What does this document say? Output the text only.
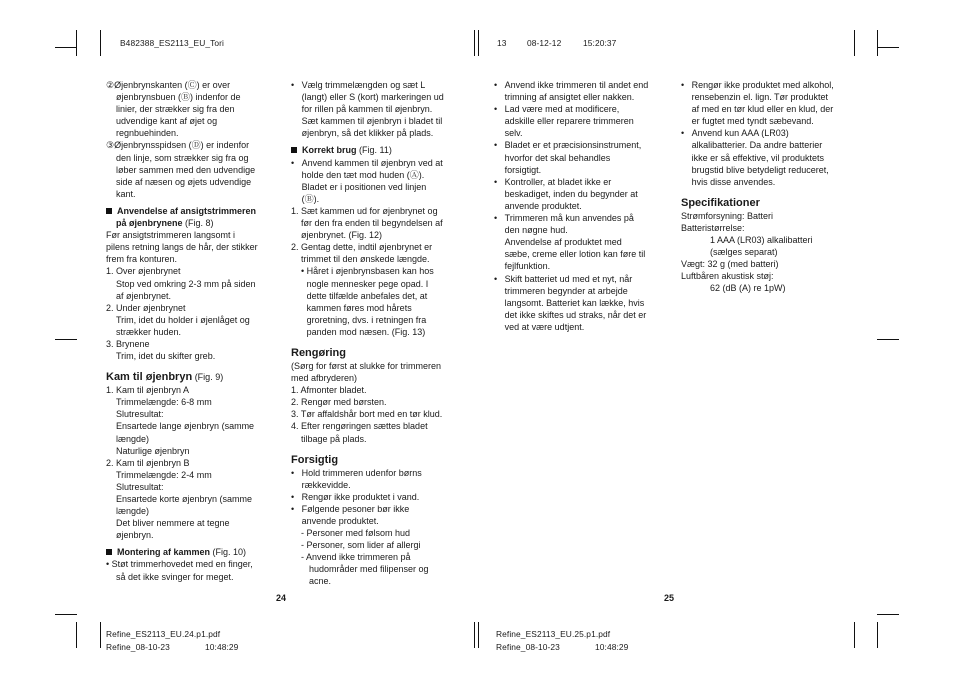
B482388_ES2113_EU_Tori	13 08-12-12	15:20:37
②Øjenbrynskanten (Ⓒ) er over
øjenbrynsbuen (Ⓑ) indenfor de
linier, der strækker sig fra den
udvendige kant af øjet og
regnbuehinden.
③Øjenbrynsspidsen (Ⓓ) er indenfor
den linje, som strækker sig fra og
løber sammen med den udvendige
side af næsen og øjets udvendige
kant.
Anvendelse af ansigtstrimmeren
på øjenbrynene (Fig. 8)
Før ansigtstrimmeren langsomt i
pilens retning langs de hår, der stikker
frem fra konturen.
1. Over øjenbrynet
Stop ved omkring 2-3 mm på siden
af øjenbrynet.
2. Under øjenbrynet
Trim, idet du holder i øjenlåget og
strækker huden.
3. Brynene
Trim, idet du skifter greb.
Kam til øjenbryn (Fig. 9)
1. Kam til øjenbryn A
Trimmelængde: 6-8 mm
Slutresultat:
Ensartede lange øjenbryn (samme
længde)
Naturlige øjenbryn
2. Kam til øjenbryn B
Trimmelængde: 2-4 mm
Slutresultat:
Ensartede korte øjenbryn (samme
længde)
Det bliver nemmere at tegne
øjenbryn.
Montering af kammen (Fig. 10)
• Støt trimmerhovedet med en finger,
så det ikke svinger for meget.
• Vælg trimmelængden og sæt L
(langt) eller S (kort) markeringen ud
for rillen på kammen til øjenbryn.
Sæt kammen til øjenbryn i bladet til
øjenbryn, så det klikker på plads.
Korrekt brug (Fig. 11)
• Anvend kammen til øjenbryn ved at
holde den tæt mod huden (Ⓐ).
Bladet er i positionen ved linjen
(Ⓑ).
1. Sæt kammen ud for øjenbrynet og
før den fra enden til begyndelsen af
øjenbrynet. (Fig. 12)
2. Gentag dette, indtil øjenbrynet er
trimmet til den ønskede længde.
• Håret i øjenbrynsbasen kan hos
nogle mennesker pege opad. I
dette tilfælde anbefales det, at
kammen føres mod hårets
groretning, dvs. i retningen fra
panden mod næsen. (Fig. 13)
Rengøring
(Sørg for først at slukke for trimmeren
med afbryderen)
1. Afmonter bladet.
2. Rengør med børsten.
3. Tør affaldshår bort med en tør klud.
4. Efter rengøringen sættes bladet
tilbage på plads.
Forsigtig
• Hold trimmeren udenfor børns
rækkevidde.
• Rengør ikke produktet i vand.
• Følgende pesoner bør ikke
anvende produktet.
- Personer med følsom hud
- Personer, som lider af allergi
- Anvend ikke trimmeren på
hudområder med filipenser og
acne.
• Anvend ikke trimmeren til andet end
trimning af ansigtet eller nakken.
• Lad være med at modificere,
adskille eller reparere trimmeren
selv.
• Bladet er et præcisionsinstrument,
hvorfor det skal behandles
forsigtigt.
• Kontroller, at bladet ikke er
beskadiget, inden du begynder at
anvende produktet.
• Trimmeren må kun anvendes på
den nøgne hud.
Anvendelse af produktet med
sæbe, creme eller lotion kan føre til
fejlfunktion.
• Skift batteriet ud med et nyt, når
trimmeren begynder at arbejde
langsomt. Batteriet kan lække, hvis
det ikke skiftes ud straks, når det er
ved at være udtjent.
• Rengør ikke produktet med alkohol,
rensebenzin el. lign. Tør produktet
af med en tør klud eller en klud, der
er fugtet med tyndt sæbevand.
• Anvend kun AAA (LR03)
alkalibatterier. Da andre batterier
ikke er så effektive, vil produktets
brugstid blive betydeligt reduceret,
hvis disse anvendes.
Specifikationer
Strømforsyning: Batteri
Batteristørrelse:
1 AAA (LR03) alkalibatteri
(sælges separat)
Vægt: 32 g (med batteri)
Luftbåren akustisk støj:
62 (dB (A) re 1pW)
24	25
Refine_ES2113_EU.24.p1.pdf
Refine_08-10-23	10:48:29
Refine_ES2113_EU.25.p1.pdf
Refine_08-10-23	10:48:29
